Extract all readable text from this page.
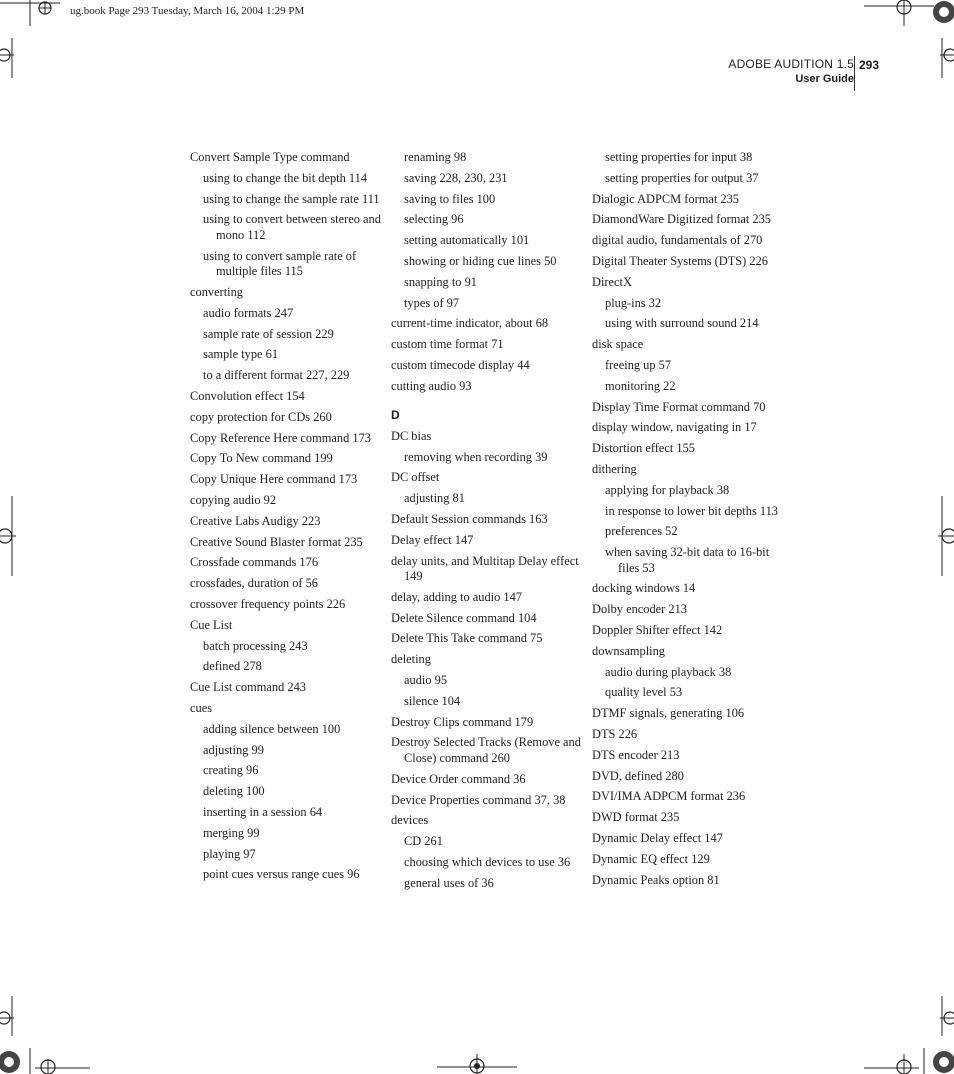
ug.book Page 293 Tuesday, March 16, 2004 1:29 PM
ADOBE AUDITION 1.5
User Guide
293
Convert Sample Type command
using to change the bit depth 114
using to change the sample rate 111
using to convert between stereo and mono 112
using to convert sample rate of multiple files 115
converting
audio formats 247
sample rate of session 229
sample type 61
to a different format 227, 229
Convolution effect 154
copy protection for CDs 260
Copy Reference Here command 173
Copy To New command 199
Copy Unique Here command 173
copying audio 92
Creative Labs Audigy 223
Creative Sound Blaster format 235
Crossfade commands 176
crossfades, duration of 56
crossover frequency points 226
Cue List
batch processing 243
defined 278
Cue List command 243
cues
adding silence between 100
adjusting 99
creating 96
deleting 100
inserting in a session 64
merging 99
playing 97
point cues versus range cues 96
renaming 98
saving 228, 230, 231
saving to files 100
selecting 96
setting automatically 101
showing or hiding cue lines 50
snapping to 91
types of 97
current-time indicator, about 68
custom time format 71
custom timecode display 44
cutting audio 93
D
DC bias
removing when recording 39
DC offset
adjusting 81
Default Session commands 163
Delay effect 147
delay units, and Multitap Delay effect 149
delay, adding to audio 147
Delete Silence command 104
Delete This Take command 75
deleting
audio 95
silence 104
Destroy Clips command 179
Destroy Selected Tracks (Remove and Close) command 260
Device Order command 36
Device Properties command 37, 38
devices
CD 261
choosing which devices to use 36
general uses of 36
setting properties for input 38
setting properties for output 37
Dialogic ADPCM format 235
DiamondWare Digitized format 235
digital audio, fundamentals of 270
Digital Theater Systems (DTS) 226
DirectX
plug-ins 32
using with surround sound 214
disk space
freeing up 57
monitoring 22
Display Time Format command 70
display window, navigating in 17
Distortion effect 155
dithering
applying for playback 38
in response to lower bit depths 113
preferences 52
when saving 32-bit data to 16-bit files 53
docking windows 14
Dolby encoder 213
Doppler Shifter effect 142
downsampling
audio during playback 38
quality level 53
DTMF signals, generating 106
DTS 226
DTS encoder 213
DVD, defined 280
DVI/IMA ADPCM format 236
DWD format 235
Dynamic Delay effect 147
Dynamic EQ effect 129
Dynamic Peaks option 81
